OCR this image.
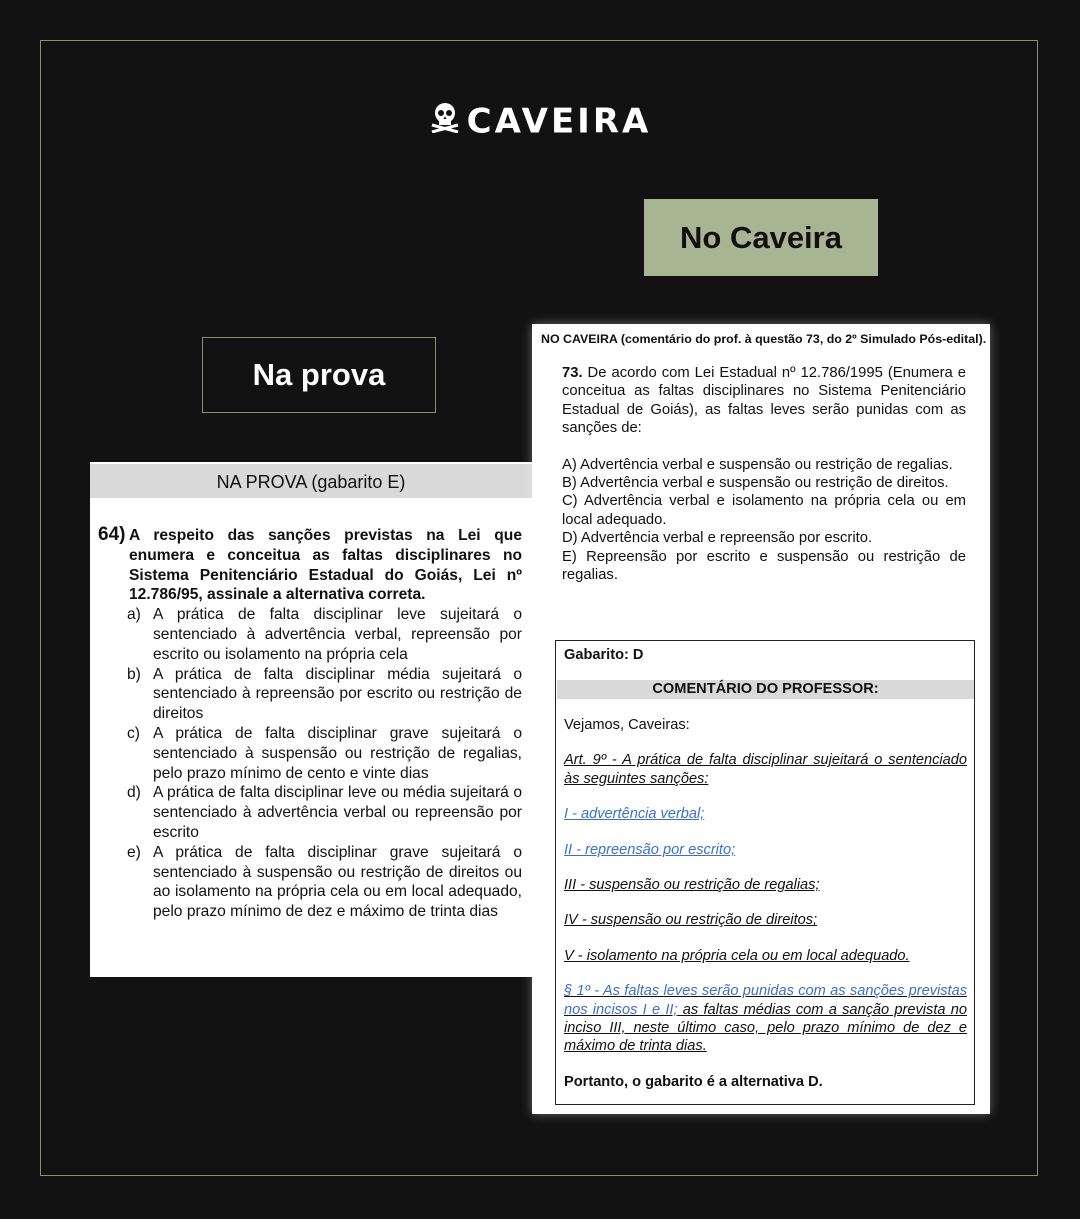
CAVEIRA
No Caveira
Na prova
NA PROVA (gabarito E)
64) A respeito das sanções previstas na Lei que enumera e conceitua as faltas disciplinares no Sistema Penitenciário Estadual do Goiás, Lei nº 12.786/95, assinale a alternativa correta.
a) A prática de falta disciplinar leve sujeitará o sentenciado à advertência verbal, repreensão por escrito ou isolamento na própria cela
b) A prática de falta disciplinar média sujeitará o sentenciado à repreensão por escrito ou restrição de direitos
c) A prática de falta disciplinar grave sujeitará o sentenciado à suspensão ou restrição de regalias, pelo prazo mínimo de cento e vinte dias
d) A prática de falta disciplinar leve ou média sujeitará o sentenciado à advertência verbal ou repreensão por escrito
e) A prática de falta disciplinar grave sujeitará o sentenciado à suspensão ou restrição de direitos ou ao isolamento na própria cela ou em local adequado, pelo prazo mínimo de dez e máximo de trinta dias
NO CAVEIRA (comentário do prof. à questão 73, do 2º Simulado Pós-edital).
73. De acordo com Lei Estadual nº 12.786/1995 (Enumera e conceitua as faltas disciplinares no Sistema Penitenciário Estadual de Goiás), as faltas leves serão punidas com as sanções de:
A) Advertência verbal e suspensão ou restrição de regalias.
B) Advertência verbal e suspensão ou restrição de direitos.
C) Advertência verbal e isolamento na própria cela ou em local adequado.
D) Advertência verbal e repreensão por escrito.
E) Repreensão por escrito e suspensão ou restrição de regalias.
Gabarito: D
COMENTÁRIO DO PROFESSOR:
Vejamos, Caveiras:
Art. 9º - A prática de falta disciplinar sujeitará o sentenciado às seguintes sanções:
I - advertência verbal;
II - repreensão por escrito;
III - suspensão ou restrição de regalias;
IV - suspensão ou restrição de direitos;
V - isolamento na própria cela ou em local adequado.
§ 1º - As faltas leves serão punidas com as sanções previstas nos incisos I e II; as faltas médias com a sanção prevista no inciso III, neste último caso, pelo prazo mínimo de dez e máximo de trinta dias.
Portanto, o gabarito é a alternativa D.
